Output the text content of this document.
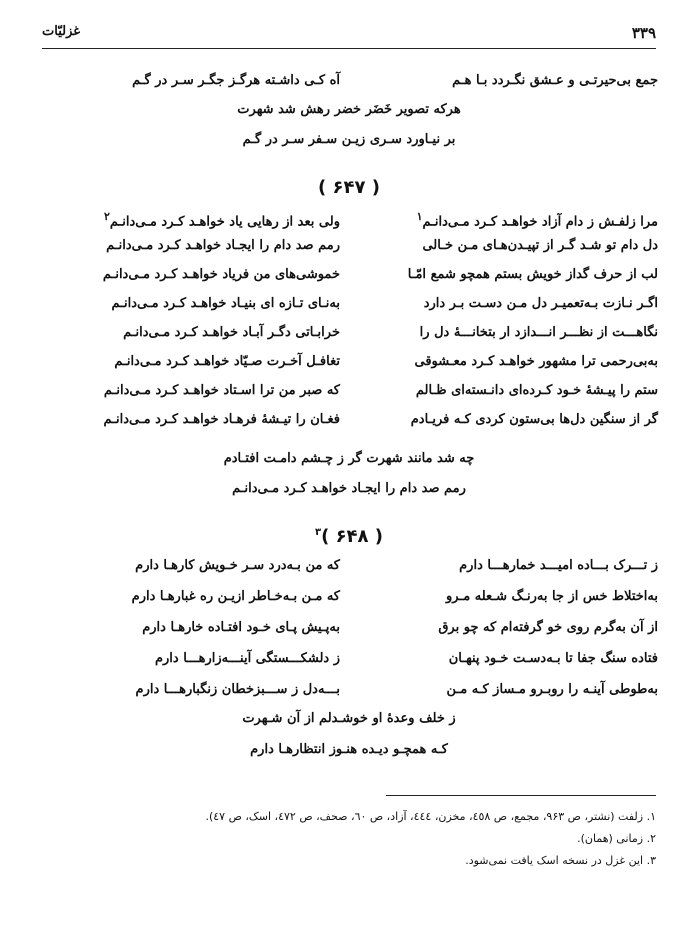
۳۳۹
غزلیّات
جمع بی‌حیرتـی و عـشق نگـردد بـا هـم
آه کـی داشـته هرگـز جگـر سـر در گـم
هرکه تصویر خَضَر خضر رهش شد شهرت
بر نیـاورد سـری زیـن سـفر سـر در گـم
( ۶۴۷ )
مرا زلفـش ز دام آزاد خواهـد کـرد مـی‌دانـم$^۱$
ولی بعد از رهایی یاد خواهـد کـرد مـی‌دانـم$^۲$
دل دام تو شـد گـر از تپیـدن‌هـای مـن خـالی
رمم صد دام را ایجـاد خواهـد کـرد مـی‌دانـم
لب از حرف گداز خویش بستم همچو شمع امّـا
خموشی‌های من فریاد خواهـد کـرد مـی‌دانـم
اگـر نـازت بـه‌تعمیـر دل مـن دسـت بـر دارد
به‌نـای تـازه ای بنیـاد خواهـد کـرد مـی‌دانـم
نگاهـــت از نظـــر انـــدازد ار بتخانـــهٔ دل را
خرابـاتی دگـر آبـاد خواهـد کـرد مـی‌دانـم
به‌بی‌رحمی ترا مشهور خواهـد کـرد معـشوقی
تغافـل آخـرت صـیّاد خواهـد کـرد مـی‌دانـم
ستم را پیـشهٔ خـود کـرده‌ای دانـسته‌ای ظـالم
که صبر من ترا اسـتاد خواهـد کـرد مـی‌دانـم
گر از سنگین دل‌ها بی‌ستون کردی کـه فریـادم
فغـان را تیـشهٔ فرهـاد خواهـد کـرد مـی‌دانـم
چه شد مانند شهرت گر ز چـشم دامـت افتـادم
رمم صد دام را ایجـاد خواهـد کـرد مـی‌دانـم
( ۶۴۸ )$^۳$
ز تـــرک بـــاده امیـــد خمارهـــا دارم
که من بـه‌درد سـر خـویش کارهـا دارم
به‌اختلاط خس از جا به‌رنـگ شـعله مـرو
که مـن بـه‌خـاطر ازیـن ره غبارهـا دارم
از آن به‌گرم روی خو گرفته‌ام که چو برق
به‌پـیش پـای خـود افتـاده خارهـا دارم
فتاده سنگ جفا تا بـه‌دسـت خـود پنهـان
ز دلشکـــستگی آینـــه‌زارهـــا دارم
به‌طوطی آینـه را روبـرو مـساز کـه مـن
بـــه‌دل ز ســـبزخطان زنگبارهـــا دارم
ز خلف وعدهٔ او خوشـدلم از آن شـهرت
کـه همچـو دیـده هنـوز انتظارهـا دارم
۱. زلفت (نشتر، ص ۹۶۳، مجمع، ص ٤٥٨، مخزن، ٤٤٤، آزاد، ص ٦٠، صحف، ص ٤٧٢، اسک، ص ٤٧).
۲. زمانی (همان).
۳. این غزل در نسخه اسک یافت نمی‌شود.
